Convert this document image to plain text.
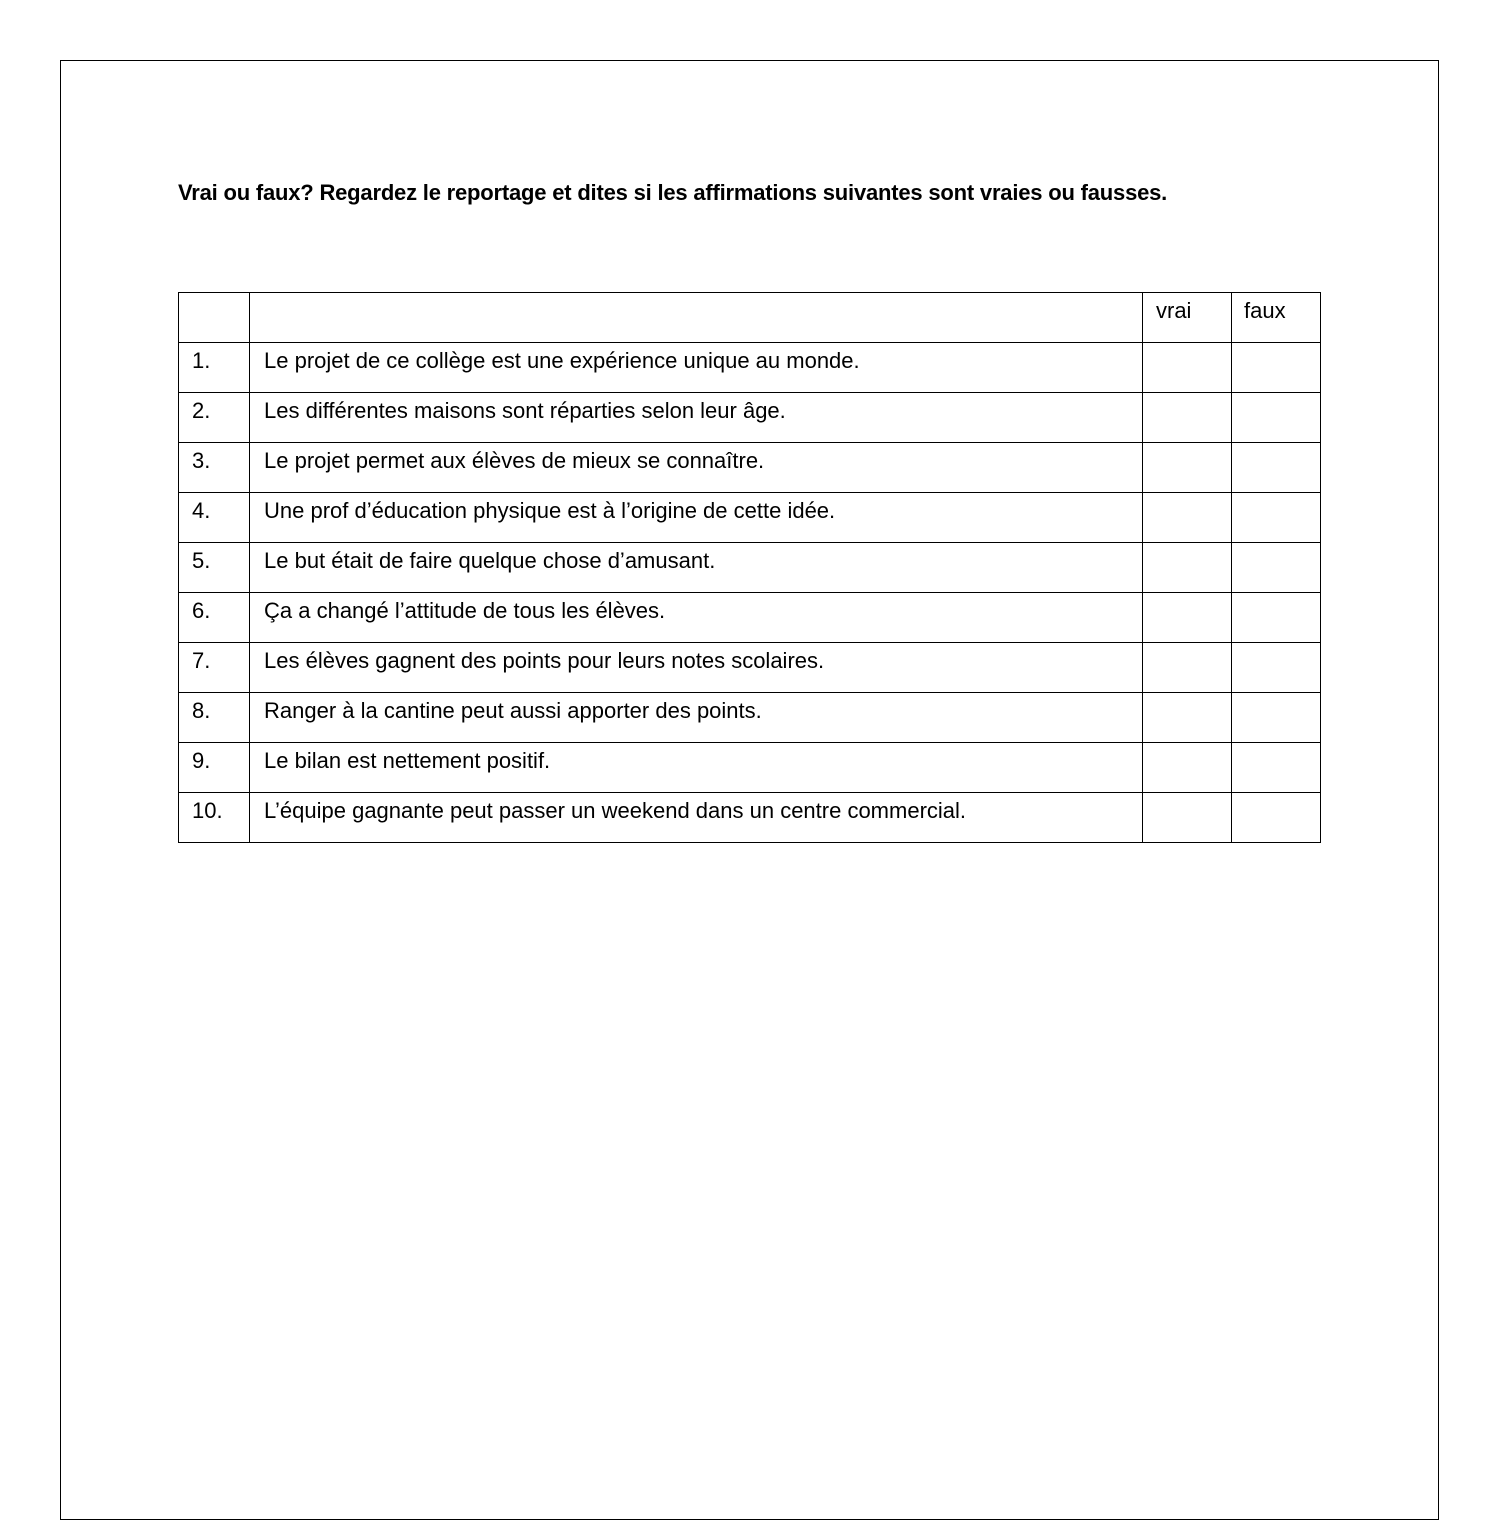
Vrai ou faux? Regardez le reportage et dites si les affirmations suivantes sont vraies ou fausses.

		vrai	faux
1.	Le projet de ce collège est une expérience unique au monde.		
2.	Les différentes maisons sont réparties selon leur âge.		
3.	Le projet permet aux élèves de mieux se connaître.		
4.	Une prof d’éducation physique est à l’origine de cette idée.		
5.	Le but était de faire quelque chose d’amusant.		
6.	Ça a changé l’attitude de tous les élèves.		
7.	Les élèves gagnent des points pour leurs notes scolaires.		
8.	Ranger à la cantine peut aussi apporter des points.		
9.	Le bilan est nettement positif.		
10.	L’équipe gagnante peut passer un weekend dans un centre commercial.		
